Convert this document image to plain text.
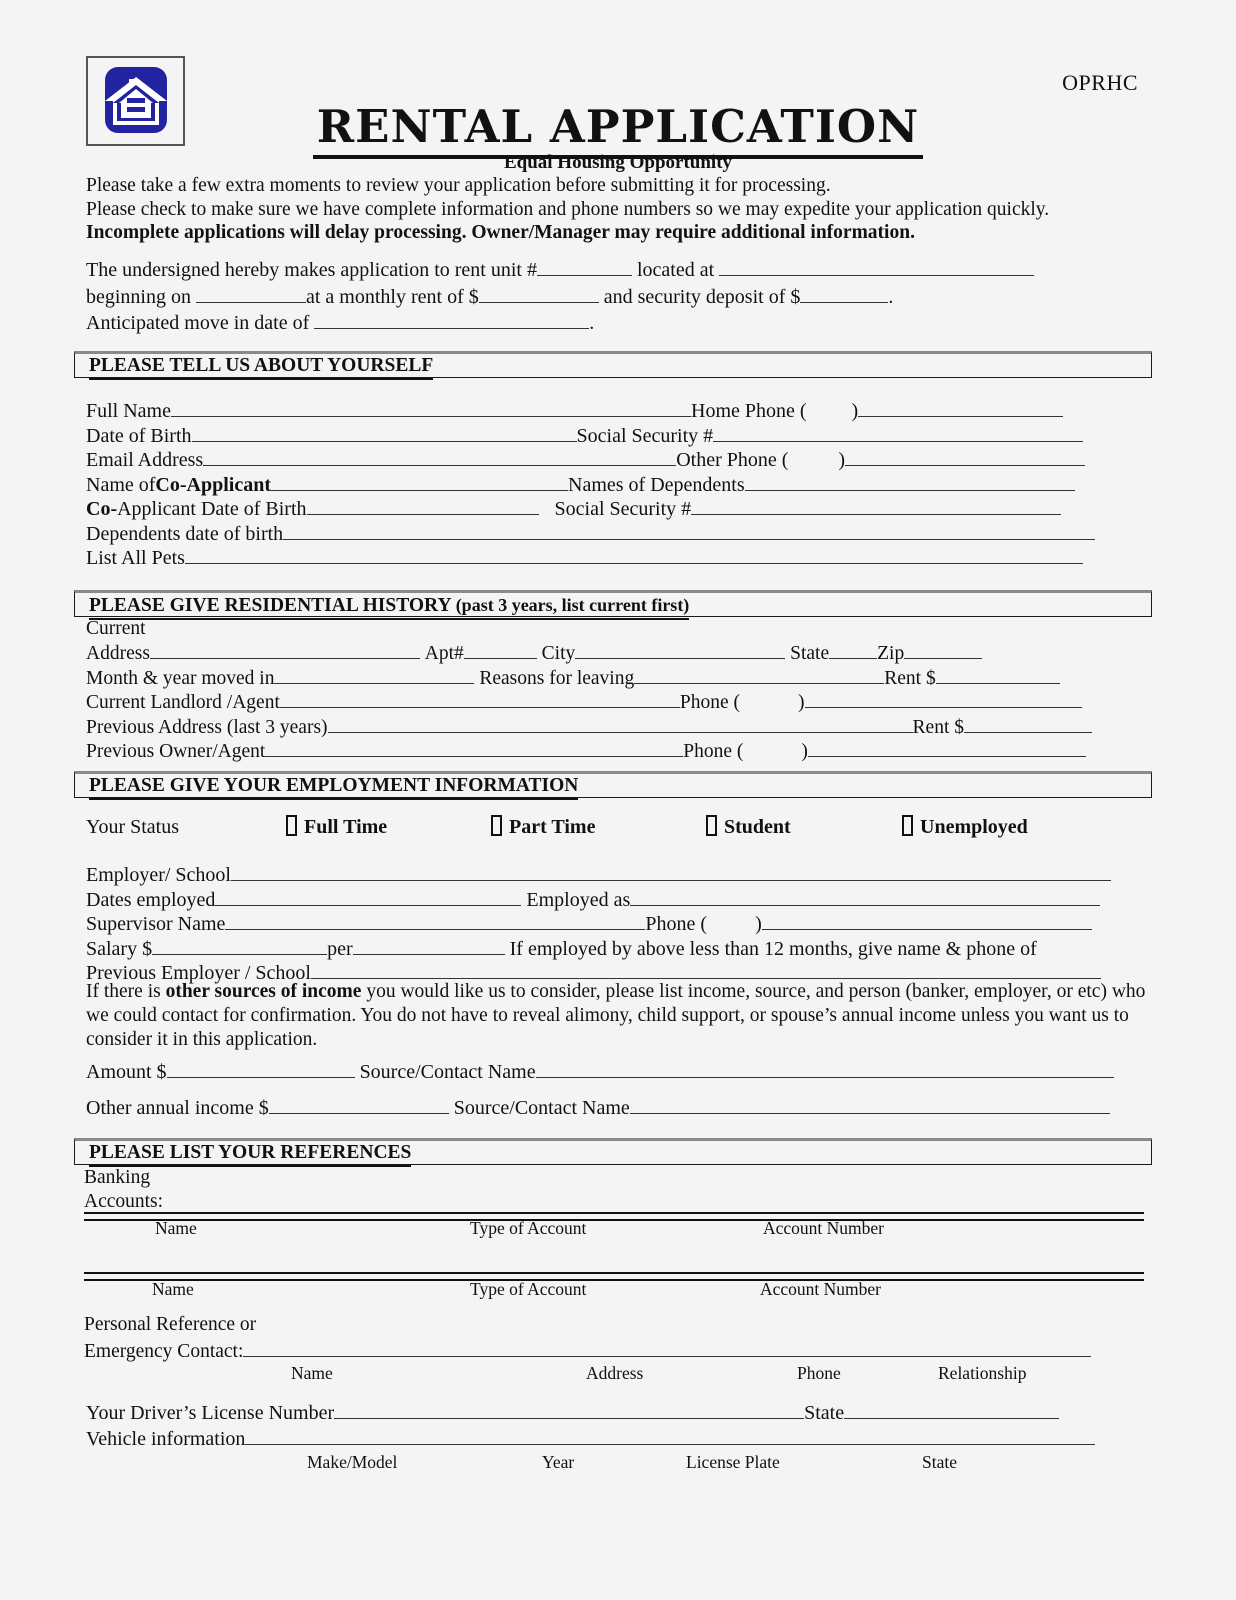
OPRHC
RENTAL APPLICATION
Equal Housing Opportunity
Please take a few extra moments to review your application before submitting it for processing.
Please check to make sure we have complete information and phone numbers so we may expedite your application quickly.
Incomplete applications will delay processing. Owner/Manager may require additional information.
The undersigned hereby makes application to rent unit #	located at
beginning on	at a monthly rent of $	and security deposit of $	.
Anticipated move in date of	.
PLEASE TELL US ABOUT YOURSELF
Full Name	Home Phone ( )
Date of Birth	Social Security #
Email Address	Other Phone (	)
Name ofCo-Applicant	Names of Dependents
Co-Applicant Date of Birth	Social Security #
Dependents date of birth
List All Pets
PLEASE GIVE RESIDENTIAL HISTORY (past 3 years, list current first)
Current
Address	Apt#	City	State Zip
Month & year moved in	Reasons for leaving	Rent $
Current Landlord /Agent	Phone (	)
Previous Address (last 3 years)	Rent $
Previous Owner/Agent	Phone (	)
PLEASE GIVE YOUR EMPLOYMENT INFORMATION
Your Status	Full Time	Part Time	Student	Unemployed
Employer/ School
Dates employed	Employed as
Supervisor Name	Phone ( )
Salary $	per	If employed by above less than 12 months, give name & phone of
Previous Employer / School
If there is other sources of income you would like us to consider, please list income, source, and person (banker, employer, or etc) who we could contact for confirmation. You do not have to reveal alimony, child support, or spouse’s annual income unless you want us to consider it in this application.
Amount $	Source/Contact Name
Other annual income $	Source/Contact Name
PLEASE LIST YOUR REFERENCES
Banking
Accounts:
Name	Type of Account	Account Number
Name	Type of Account	Account Number
Personal Reference or
Emergency Contact:
Name	Address	Phone	Relationship
Your Driver’s License Number	State
Vehicle information
Make/Model	Year	License Plate	State
